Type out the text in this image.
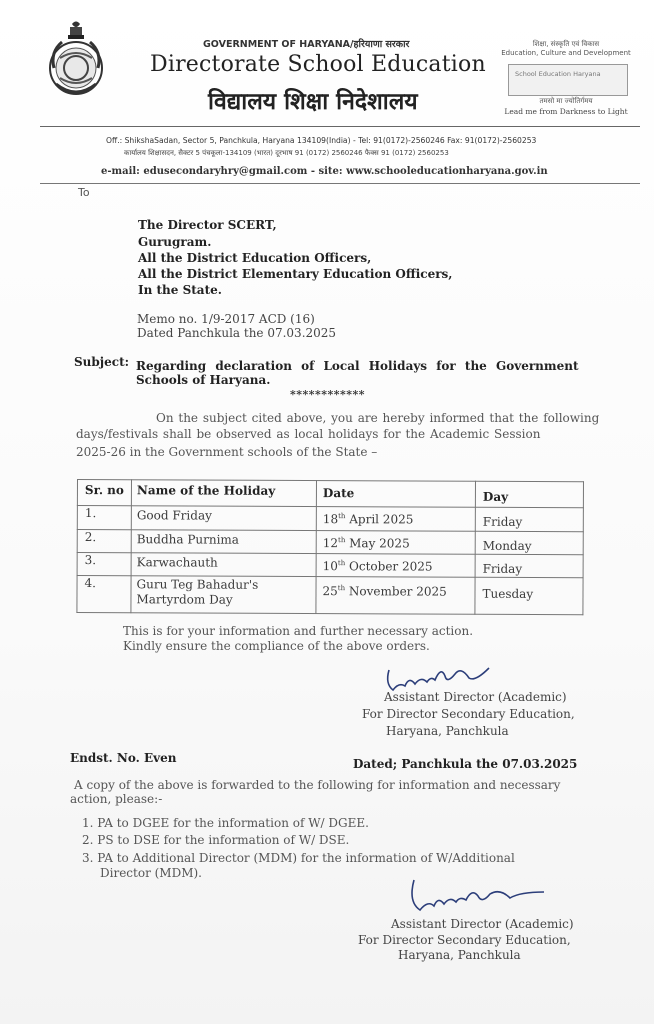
GOVERNMENT OF HARYANA/हरियाणा सरकार
Directorate School Education
विद्यालय शिक्षा निदेशालय
शिक्षा, संस्कृति एवं विकास
Education, Culture and Development
School Education Haryana
तमसो मा ज्योतिर्गमय
Lead me from Darkness to Light
Off.: ShikshaSadan, Sector 5, Panchkula, Haryana 134109(India) - Tel: 91(0172)-2560246 Fax: 91(0172)-2560253
कार्यालय शिक्षासदन, सैक्टर 5 पंचकूला-134109 (भारत) दूरभाष 91 (0172) 2560246 फैक्स 91 (0172) 2560253
e-mail: edusecondaryhry@gmail.com - site: www.schooleducationharyana.gov.in
To
The Director SCERT,
Gurugram.
All the District Education Officers,
All the District Elementary Education Officers,
In the State.
Memo no. 1/9-2017 ACD (16)
Dated Panchkula the 07.03.2025
Subject: Regarding declaration of Local Holidays for the Government
Schools of Haryana.
************
On the subject cited above, you are hereby informed that the following
days/festivals shall be observed as local holidays for the Academic Session
2025-26 in the Government schools of the State –
Sr. no Name of the Holiday	Date	Day
1.	Good Friday	18th April 2025	Friday
2.	Buddha Purnima	12th May 2025	Monday
3.	Karwachauth	10th October 2025	Friday
4.	Guru Teg Bahadur's
Martyrdom Day
25th November 2025	Tuesday
This is for your information and further necessary action.
Kindly ensure the compliance of the above orders.
Assistant Director (Academic)
For Director Secondary Education,
Haryana, Panchkula
Endst. No. Even	Dated; Panchkula the 07.03.2025
A copy of the above is forwarded to the following for information and necessary
action, please:-
1. PA to DGEE for the information of W/ DGEE.
2. PS to DSE for the information of W/ DSE.
3. PA to Additional Director (MDM) for the information of W/Additional
Director (MDM).
Assistant Director (Academic)
For Director Secondary Education,
Haryana, Panchkula
